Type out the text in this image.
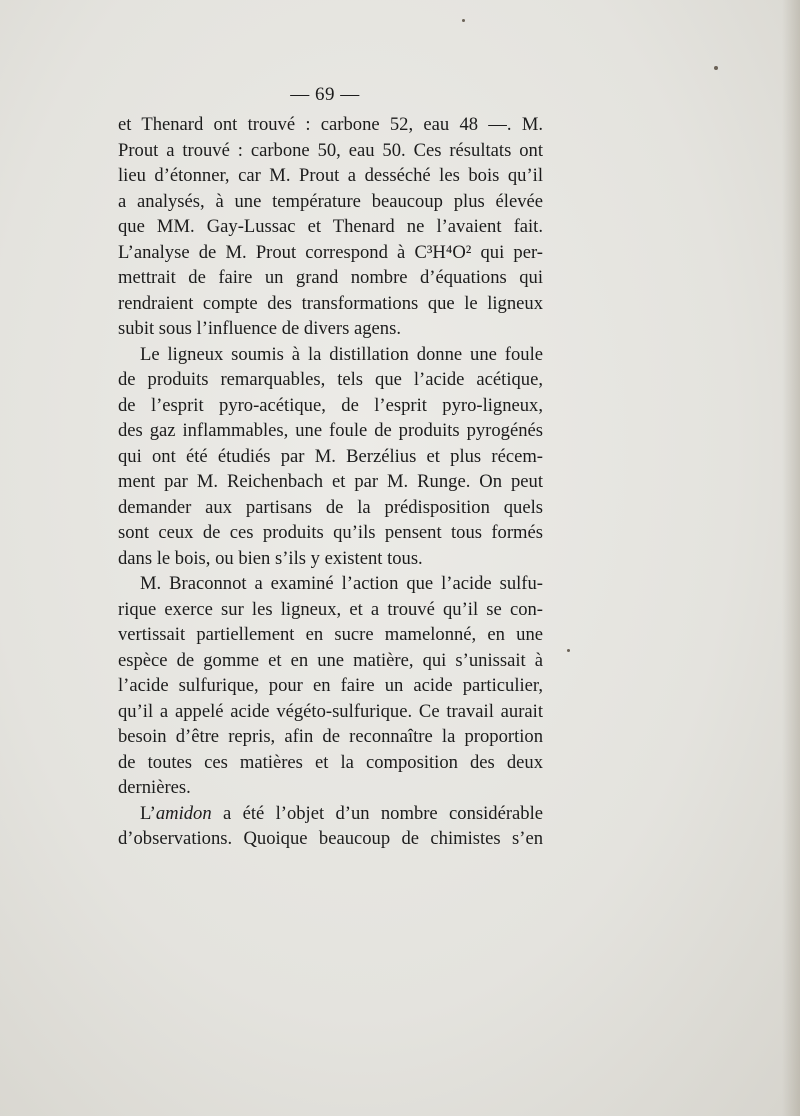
— 69 —
et Thenard ont trouvé : carbone 52, eau 48 —. M.
Prout a trouvé : carbone 50, eau 50. Ces résultats ont
lieu d’étonner, car M. Prout a desséché les bois qu’il
a analysés, à une température beaucoup plus élevée
que MM. Gay-Lussac et Thenard ne l’avaient fait.
L’analyse de M. Prout correspond à C³H⁴O² qui per-
mettrait de faire un grand nombre d’équations qui
rendraient compte des transformations que le ligneux
subit sous l’influence de divers agens.
Le ligneux soumis à la distillation donne une foule
de produits remarquables, tels que l’acide acétique,
de l’esprit pyro-acétique, de l’esprit pyro-ligneux,
des gaz inflammables, une foule de produits pyrogénés
qui ont été étudiés par M. Berzélius et plus récem-
ment par M. Reichenbach et par M. Runge. On peut
demander aux partisans de la prédisposition quels
sont ceux de ces produits qu’ils pensent tous formés
dans le bois, ou bien s’ils y existent tous.
M. Braconnot a examiné l’action que l’acide sulfu-
rique exerce sur les ligneux, et a trouvé qu’il se con-
vertissait partiellement en sucre mamelonné, en une
espèce de gomme et en une matière, qui s’unissait à
l’acide sulfurique, pour en faire un acide particulier,
qu’il a appelé acide végéto-sulfurique. Ce travail aurait
besoin d’être repris, afin de reconnaître la proportion
de toutes ces matières et la composition des deux
dernières.
L’amidon a été l’objet d’un nombre considérable
d’observations. Quoique beaucoup de chimistes s’en
